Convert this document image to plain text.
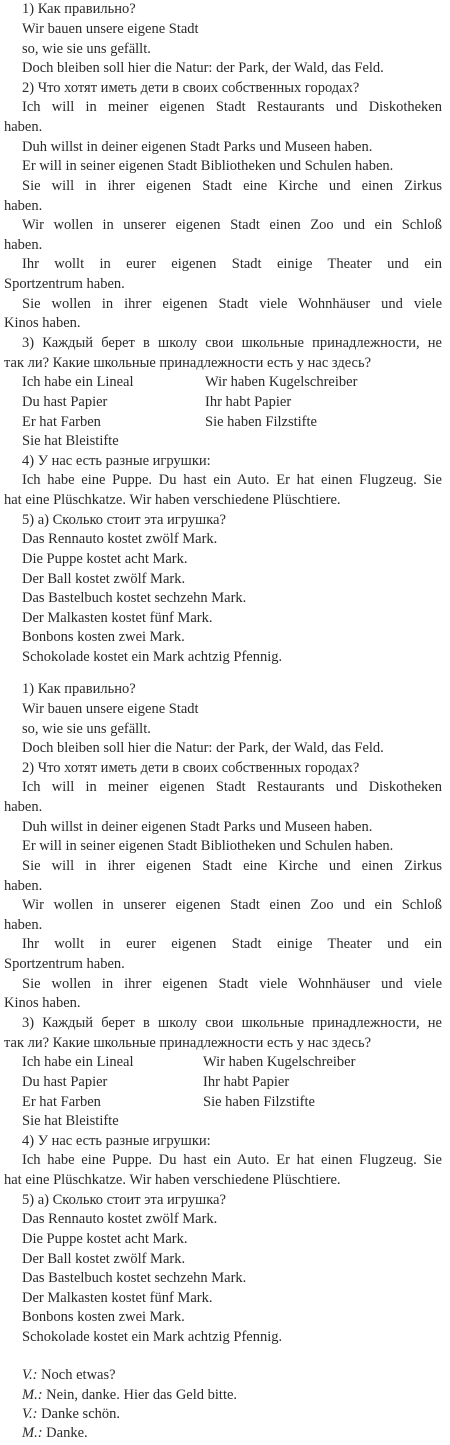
1) Как правильно?
Wir bauen unsere eigene Stadt
so, wie sie uns gefällt.
Doch bleiben soll hier die Natur: der Park, der Wald, das Feld.
2) Что хотят иметь дети в своих собственных городах?
Ich will in meiner eigenen Stadt Restaurants und Diskotheken
haben.
Duh willst in deiner eigenen Stadt Parks und Museen haben.
Er will in seiner eigenen Stadt Bibliotheken und Schulen haben.
Sie will in ihrer eigenen Stadt eine Kirche und einen Zirkus
haben.
Wir wollen in unserer eigenen Stadt einen Zoo und ein Schloß
haben.
Ihr wollt in eurer eigenen Stadt einige Theater und ein
Sportzentrum haben.
Sie wollen in ihrer eigenen Stadt viele Wohnhäuser und viele
Kinos haben.
3) Каждый берет в школу свои школьные принадлежности, не
так ли? Какие школьные принадлежности есть у нас здесь?
Ich habe ein Lineal	Wir haben Kugelschreiber
Du hast Papier	Ihr habt Papier
Er hat Farben	Sie haben Filzstifte
Sie hat Bleistifte
4) У нас есть разные игрушки:
Ich habe eine Puppe. Du hast ein Auto. Er hat einen Flugzeug. Sie
hat eine Plüschkatze. Wir haben verschiedene Plüschtiere.
5) а) Сколько стоит эта игрушка?
Das Rennauto kostet zwölf Mark.
Die Puppe kostet acht Mark.
Der Ball kostet zwölf Mark.
Das Bastelbuch kostet sechzehn Mark.
Der Malkasten kostet fünf Mark.
Bonbons kosten zwei Mark.
Schokolade kostet ein Mark achtzig Pfennig.
1) Как правильно?
Wir bauen unsere eigene Stadt
so, wie sie uns gefällt.
Doch bleiben soll hier die Natur: der Park, der Wald, das Feld.
2) Что хотят иметь дети в своих собственных городах?
Ich will in meiner eigenen Stadt Restaurants und Diskotheken
haben.
Duh willst in deiner eigenen Stadt Parks und Museen haben.
Er will in seiner eigenen Stadt Bibliotheken und Schulen haben.
Sie will in ihrer eigenen Stadt eine Kirche und einen Zirkus
haben.
Wir wollen in unserer eigenen Stadt einen Zoo und ein Schloß
haben.
Ihr wollt in eurer eigenen Stadt einige Theater und ein
Sportzentrum haben.
Sie wollen in ihrer eigenen Stadt viele Wohnhäuser und viele
Kinos haben.
3) Каждый берет в школу свои школьные принадлежности, не
так ли? Какие школьные принадлежности есть у нас здесь?
Ich habe ein Lineal	Wir haben Kugelschreiber
Du hast Papier	Ihr habt Papier
Er hat Farben	Sie haben Filzstifte
Sie hat Bleistifte
4) У нас есть разные игрушки:
Ich habe eine Puppe. Du hast ein Auto. Er hat einen Flugzeug. Sie
hat eine Plüschkatze. Wir haben verschiedene Plüschtiere.
5) а) Сколько стоит эта игрушка?
Das Rennauto kostet zwölf Mark.
Die Puppe kostet acht Mark.
Der Ball kostet zwölf Mark.
Das Bastelbuch kostet sechzehn Mark.
Der Malkasten kostet fünf Mark.
Bonbons kosten zwei Mark.
Schokolade kostet ein Mark achtzig Pfennig.
V.: Noch etwas?
M.: Nein, danke. Hier das Geld bitte.
V.: Danke schön.
M.: Danke.
